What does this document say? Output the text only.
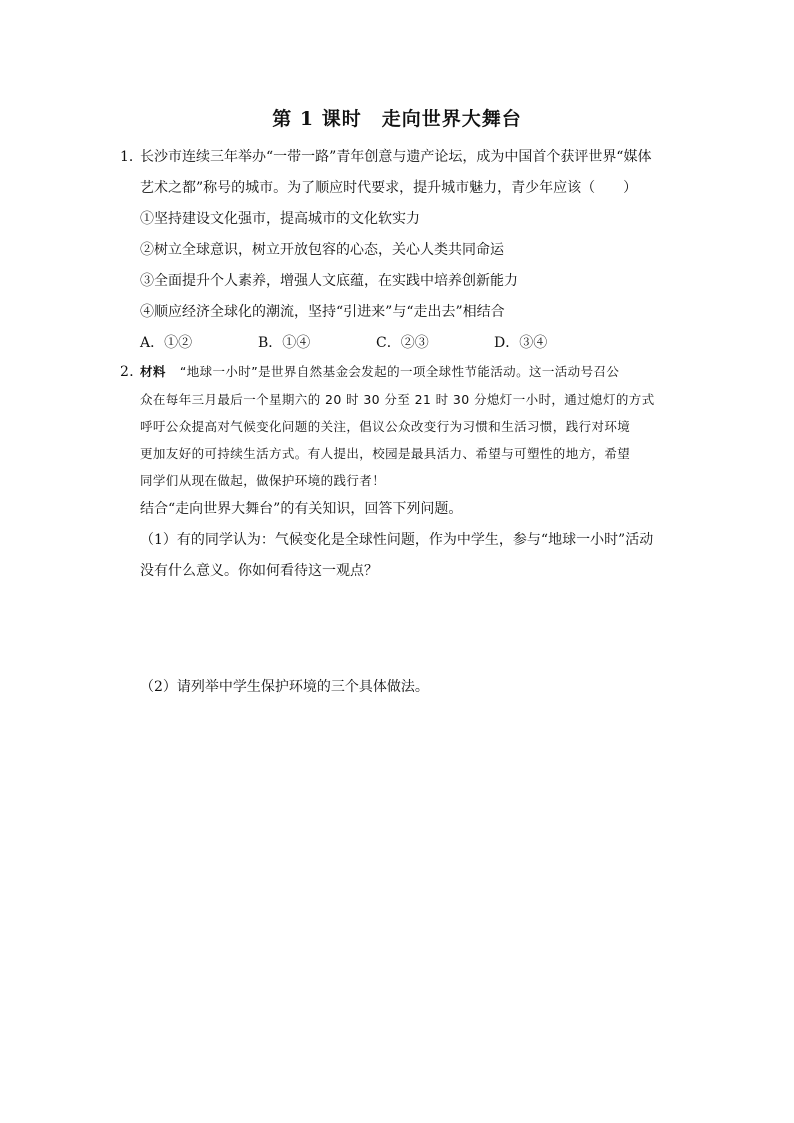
第 1 课时　走向世界大舞台
1．长沙市连续三年举办“一带一路”青年创意与遗产论坛，成为中国首个获评世界“媒体
艺术之都”称号的城市。为了顺应时代要求，提升城市魅力，青少年应该（　　）
①坚持建设文化强市，提高城市的文化软实力
②树立全球意识，树立开放包容的心态，关心人类共同命运
③全面提升个人素养，增强人文底蕴，在实践中培养创新能力
④顺应经济全球化的潮流，坚持“引进来”与“走出去”相结合
A．①②	B．①④	C．②③	D．③④
2．材料 “地球一小时”是世界自然基金会发起的一项全球性节能活动。这一活动号召公
众在每年三月最后一个星期六的 20 时 30 分至 21 时 30 分熄灯一小时，通过熄灯的方式
呼吁公众提高对气候变化问题的关注，倡议公众改变行为习惯和生活习惯，践行对环境
更加友好的可持续生活方式。有人提出，校园是最具活力、希望与可塑性的地方，希望
同学们从现在做起，做保护环境的践行者！
结合“走向世界大舞台”的有关知识，回答下列问题。
（1）有的同学认为：气候变化是全球性问题，作为中学生，参与“地球一小时”活动
没有什么意义。你如何看待这一观点？
（2）请列举中学生保护环境的三个具体做法。
